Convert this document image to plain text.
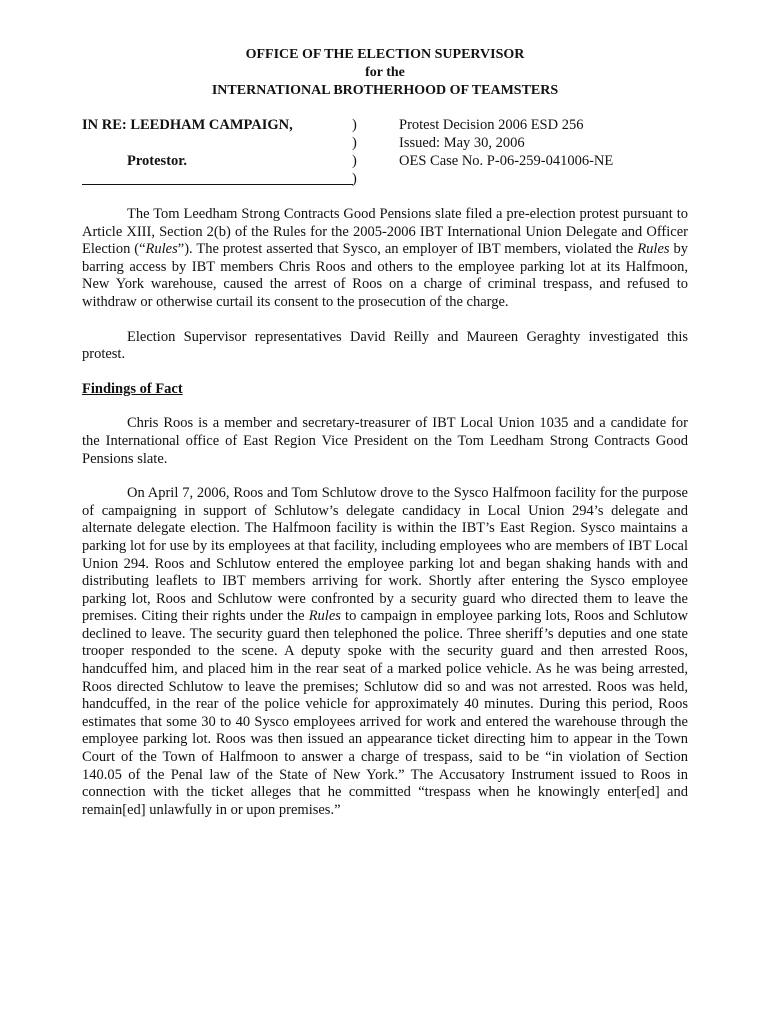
OFFICE OF THE ELECTION SUPERVISOR
for the
INTERNATIONAL BROTHERHOOD OF TEAMSTERS
IN RE: LEEDHAM CAMPAIGN,
Protestor.
)
)
)
)
Protest Decision 2006 ESD 256
Issued: May 30, 2006
OES Case No. P-06-259-041006-NE

The Tom Leedham Strong Contracts Good Pensions slate filed a pre-election protest pursuant to Article XIII, Section 2(b) of the Rules for the 2005-2006 IBT International Union Delegate and Officer Election (“Rules”). The protest asserted that Sysco, an employer of IBT members, violated the Rules by barring access by IBT members Chris Roos and others to the employee parking lot at its Halfmoon, New York warehouse, caused the arrest of Roos on a charge of criminal trespass, and refused to withdraw or otherwise curtail its consent to the prosecution of the charge.

Election Supervisor representatives David Reilly and Maureen Geraghty investigated this protest.

Findings of Fact

Chris Roos is a member and secretary-treasurer of IBT Local Union 1035 and a candidate for the International office of East Region Vice President on the Tom Leedham Strong Contracts Good Pensions slate.

On April 7, 2006, Roos and Tom Schlutow drove to the Sysco Halfmoon facility for the purpose of campaigning in support of Schlutow’s delegate candidacy in Local Union 294’s delegate and alternate delegate election. The Halfmoon facility is within the IBT’s East Region. Sysco maintains a parking lot for use by its employees at that facility, including employees who are members of IBT Local Union 294. Roos and Schlutow entered the employee parking lot and began shaking hands with and distributing leaflets to IBT members arriving for work. Shortly after entering the Sysco employee parking lot, Roos and Schlutow were confronted by a security guard who directed them to leave the premises. Citing their rights under the Rules to campaign in employee parking lots, Roos and Schlutow declined to leave. The security guard then telephoned the police. Three sheriff’s deputies and one state trooper responded to the scene. A deputy spoke with the security guard and then arrested Roos, handcuffed him, and placed him in the rear seat of a marked police vehicle. As he was being arrested, Roos directed Schlutow to leave the premises; Schlutow did so and was not arrested. Roos was held, handcuffed, in the rear of the police vehicle for approximately 40 minutes. During this period, Roos estimates that some 30 to 40 Sysco employees arrived for work and entered the warehouse through the employee parking lot. Roos was then issued an appearance ticket directing him to appear in the Town Court of the Town of Halfmoon to answer a charge of trespass, said to be “in violation of Section 140.05 of the Penal law of the State of New York.” The Accusatory Instrument issued to Roos in connection with the ticket alleges that he committed “trespass when he knowingly enter[ed] and remain[ed] unlawfully in or upon premises.”
